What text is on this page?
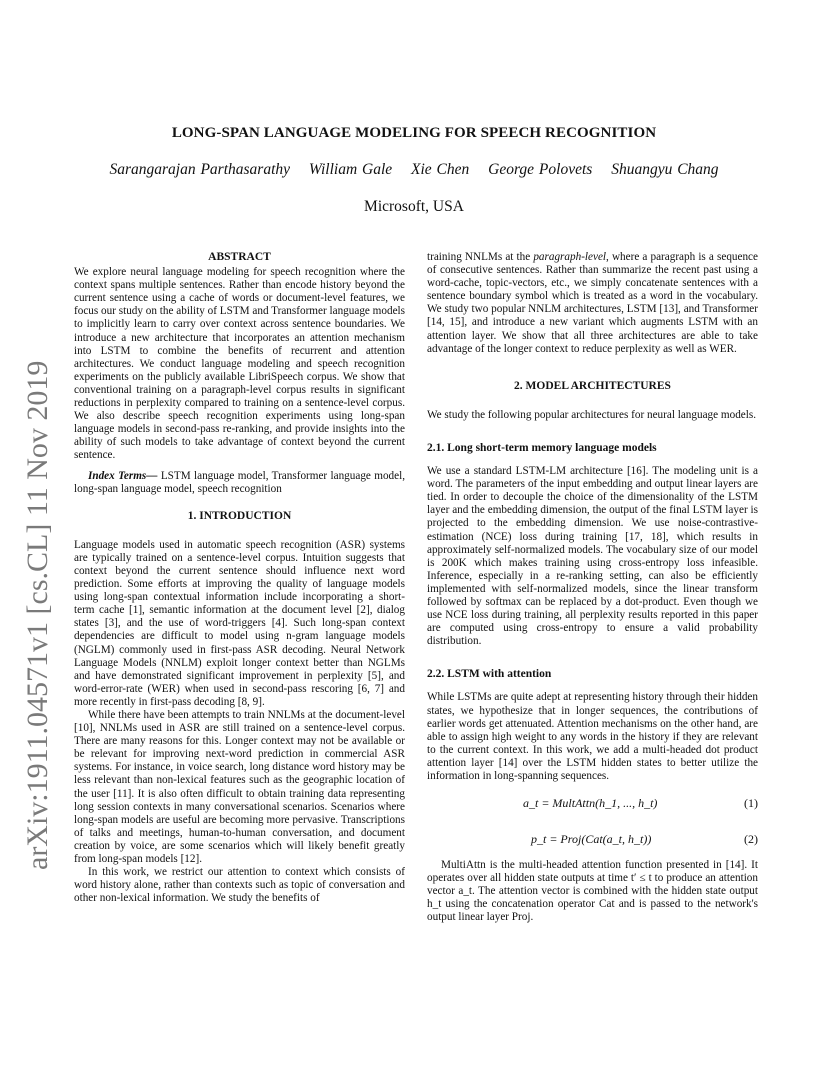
LONG-SPAN LANGUAGE MODELING FOR SPEECH RECOGNITION
Sarangarajan Parthasarathy William Gale Xie Chen George Polovets Shuangyu Chang
Microsoft, USA
arXiv:1911.04571v1 [cs.CL] 11 Nov 2019

ABSTRACT

We explore neural language modeling for speech recognition where the context spans multiple sentences. Rather than encode history beyond the current sentence using a cache of words or document-level features, we focus our study on the ability of LSTM and Transformer language models to implicitly learn to carry over context across sentence boundaries. We introduce a new architecture that incorporates an attention mechanism into LSTM to combine the benefits of recurrent and attention architectures. We conduct language modeling and speech recognition experiments on the publicly available LibriSpeech corpus. We show that conventional training on a paragraph-level corpus results in significant reductions in perplexity compared to training on a sentence-level corpus. We also describe speech recognition experiments using long-span language models in second-pass re-ranking, and provide insights into the ability of such models to take advantage of context beyond the current sentence.

Index Terms— LSTM language model, Transformer language model, long-span language model, speech recognition

1. INTRODUCTION

Language models used in automatic speech recognition (ASR) systems are typically trained on a sentence-level corpus. Intuition suggests that context beyond the current sentence should influence next word prediction. Some efforts at improving the quality of language models using long-span contextual information include incorporating a short-term cache [1], semantic information at the document level [2], dialog states [3], and the use of word-triggers [4]. Such long-span context dependencies are difficult to model using n-gram language models (NGLM) commonly used in first-pass ASR decoding. Neural Network Language Models (NNLM) exploit longer context better than NGLMs and have demonstrated significant improvement in perplexity [5], and word-error-rate (WER) when used in second-pass rescoring [6, 7] and more recently in first-pass decoding [8, 9].

While there have been attempts to train NNLMs at the document-level [10], NNLMs used in ASR are still trained on a sentence-level corpus. There are many reasons for this. Longer context may not be available or be relevant for improving next-word prediction in commercial ASR systems. For instance, in voice search, long distance word history may be less relevant than non-lexical features such as the geographic location of the user [11]. It is also often difficult to obtain training data representing long session contexts in many conversational scenarios. Scenarios where long-span models are useful are becoming more pervasive. Transcriptions of talks and meetings, human-to-human conversation, and document creation by voice, are some scenarios which will likely benefit greatly from long-span models [12].

In this work, we restrict our attention to context which consists of word history alone, rather than contexts such as topic of conversation and other non-lexical information. We study the benefits of

training NNLMs at the paragraph-level, where a paragraph is a sequence of consecutive sentences. Rather than summarize the recent past using a word-cache, topic-vectors, etc., we simply concatenate sentences with a sentence boundary symbol which is treated as a word in the vocabulary. We study two popular NNLM architectures, LSTM [13], and Transformer [14, 15], and introduce a new variant which augments LSTM with an attention layer. We show that all three architectures are able to take advantage of the longer context to reduce perplexity as well as WER.

2. MODEL ARCHITECTURES

We study the following popular architectures for neural language models.

2.1. Long short-term memory language models

We use a standard LSTM-LM architecture [16]. The modeling unit is a word. The parameters of the input embedding and output linear layers are tied. In order to decouple the choice of the dimensionality of the LSTM layer and the embedding dimension, the output of the final LSTM layer is projected to the embedding dimension. We use noise-contrastive-estimation (NCE) loss during training [17, 18], which results in approximately self-normalized models. The vocabulary size of our model is 200K which makes training using cross-entropy loss infeasible. Inference, especially in a re-ranking setting, can also be efficiently implemented with self-normalized models, since the linear transform followed by softmax can be replaced by a dot-product. Even though we use NCE loss during training, all perplexity results reported in this paper are computed using cross-entropy to ensure a valid probability distribution.

2.2. LSTM with attention

While LSTMs are quite adept at representing history through their hidden states, we hypothesize that in longer sequences, the contributions of earlier words get attenuated. Attention mechanisms on the other hand, are able to assign high weight to any words in the history if they are relevant to the current context. In this work, we add a multi-headed dot product attention layer [14] over the LSTM hidden states to better utilize the information in long-spanning sequences.

a_t = MultAttn(h_1, ..., h_t)	(1)
p_t = Proj(Cat(a_t, h_t))	(2)

MultiAttn is the multi-headed attention function presented in [14]. It operates over all hidden state outputs at time t′ ≤ t to produce an attention vector a_t. The attention vector is combined with the hidden state output h_t using the concatenation operator Cat and is passed to the network's output linear layer Proj.
